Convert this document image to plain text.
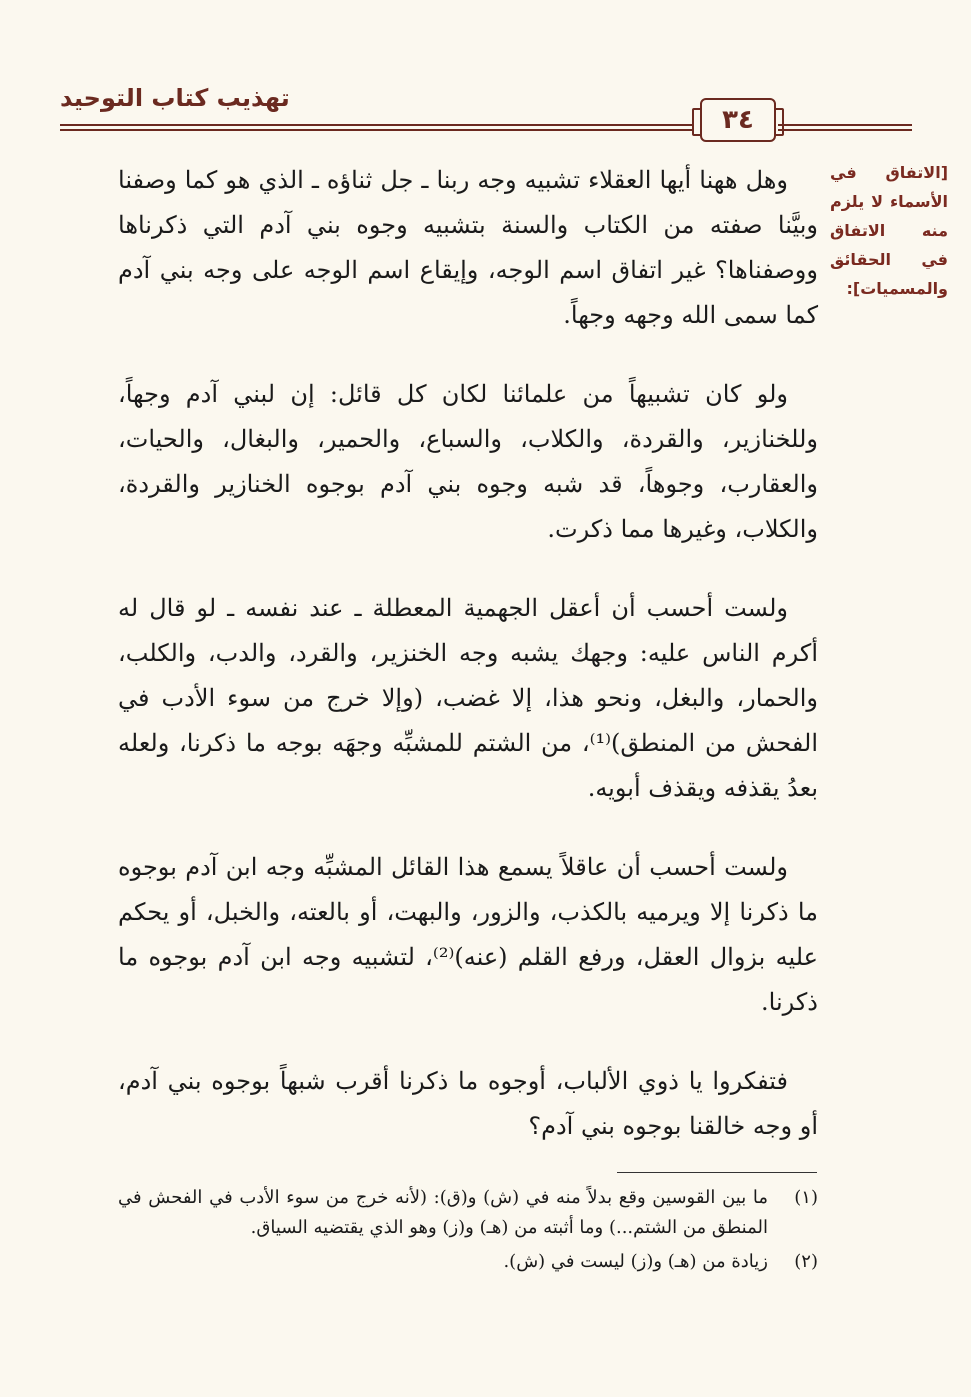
تهذيب كتاب التوحيد
٣٤
[الاتفاق في الأسماء لا يلزم منه الاتفاق في الحقائق والمسميات]:

وهل ههنا أيها العقلاء تشبيه وجه ربنا ـ جل ثناؤه ـ الذي هو كما وصفنا وبيَّنا صفته من الكتاب والسنة بتشبيه وجوه بني آدم التي ذكرناها ووصفناها؟ غير اتفاق اسم الوجه، وإيقاع اسم الوجه على وجه بني آدم كما سمى الله وجهه وجهاً.

ولو كان تشبيهاً من علمائنا لكان كل قائل: إن لبني آدم وجهاً، وللخنازير، والقردة، والكلاب، والسباع، والحمير، والبغال، والحيات، والعقارب، وجوهاً، قد شبه وجوه بني آدم بوجوه الخنازير والقردة، والكلاب، وغيرها مما ذكرت.

ولست أحسب أن أعقل الجهمية المعطلة ـ عند نفسه ـ لو قال له أكرم الناس عليه: وجهك يشبه وجه الخنزير، والقرد، والدب، والكلب، والحمار، والبغل، ونحو هذا، إلا غضب، (وإلا خرج من سوء الأدب في الفحش من المنطق)⁽¹⁾، من الشتم للمشبِّه وجهَه بوجه ما ذكرنا، ولعله بعدُ يقذفه ويقذف أبويه.

ولست أحسب أن عاقلاً يسمع هذا القائل المشبِّه وجه ابن آدم بوجوه ما ذكرنا إلا ويرميه بالكذب، والزور، والبهت، أو بالعته، والخبل، أو يحكم عليه بزوال العقل، ورفع القلم (عنه)⁽²⁾، لتشبيه وجه ابن آدم بوجوه ما ذكرنا.

فتفكروا يا ذوي الألباب، أوجوه ما ذكرنا أقرب شبهاً بوجوه بني آدم، أو وجه خالقنا بوجوه بني آدم؟

(١)
ما بين القوسين وقع بدلاً منه في (ش) و(ق): (لأنه خرج من سوء الأدب في الفحش في المنطق من الشتم...) وما أثبته من (هـ) و(ز) وهو الذي يقتضيه السياق.
(٢)
زيادة من (هـ) و(ز) ليست في (ش).
